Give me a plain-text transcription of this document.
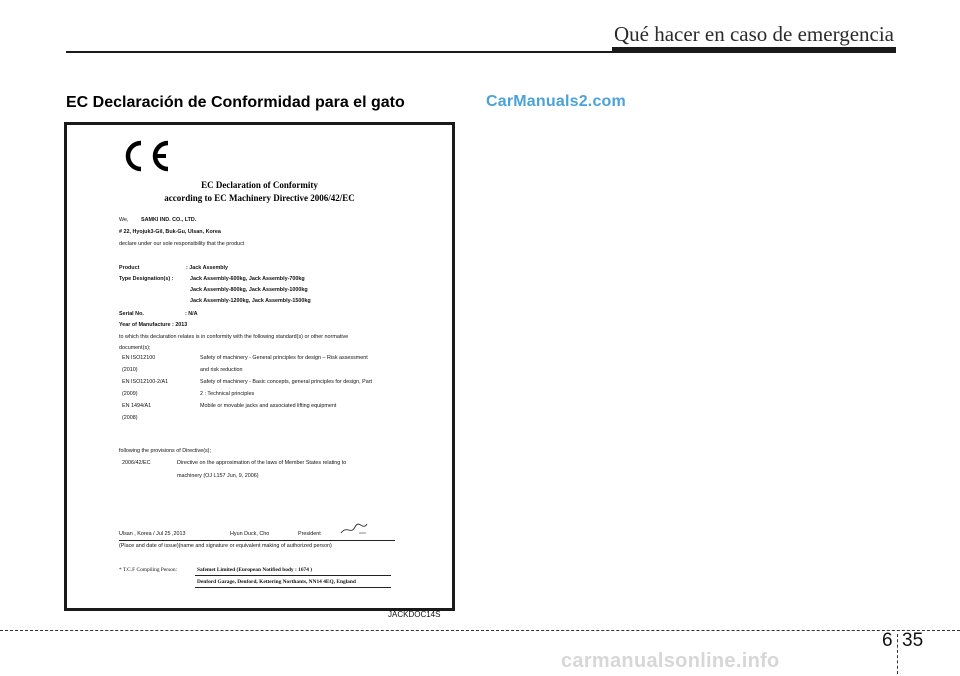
Qué hacer en caso de emergencia
EC Declaración de Conformidad para el gato	CarManuals2.com
EC Declaration of Conformity
according to EC Machinery Directive 2006/42/EC
We, SAMKI IND. CO., LTD.
# 22, Hyojuk3-Gil, Buk-Gu, Ulsan, Korea
declare under our sole responsibility that the product
Product	: Jack Assembly
Type Designation(s) :	Jack Assembly-600kg, Jack Assembly-700kg
Jack Assembly-800kg, Jack Assembly-1000kg
Jack Assembly-1200kg, Jack Assembly-1500kg
Serial No.	: N/A
Year of Manufacture : 2013
to which this declaration relates is in conformity with the following standard(s) or other normative
document(s);
EN ISO12100	Safety of machinery - General principles for design – Risk assessment
(2010)	and risk reduction
EN ISO12100-2/A1	Safety of machinery - Basic concepts, general principles for design, Part
(2009)	2 : Technical principles
EN 1494/A1	Mobile or movable jacks and associated lifting equipment
(2008)
following the provisions of Directive(s);
2006/42/EC	Directive on the approximation of the laws of Member States relating to
machinery (OJ L157 Jun, 9, 2006)
Ulsan , Korea / Jul 25 ,2013	Hyun Duck, Cho	President
(Place and date of issue)(name and signature or equivalent making of authorized person)
* T.C.F Compiling Person:	Safemet Limited (European Notified body : 1674 )
Denford Garage, Denford, Kettering Northants, NN14 4EQ, England
JACKDOC14S
6 35
carmanualsonline.info
